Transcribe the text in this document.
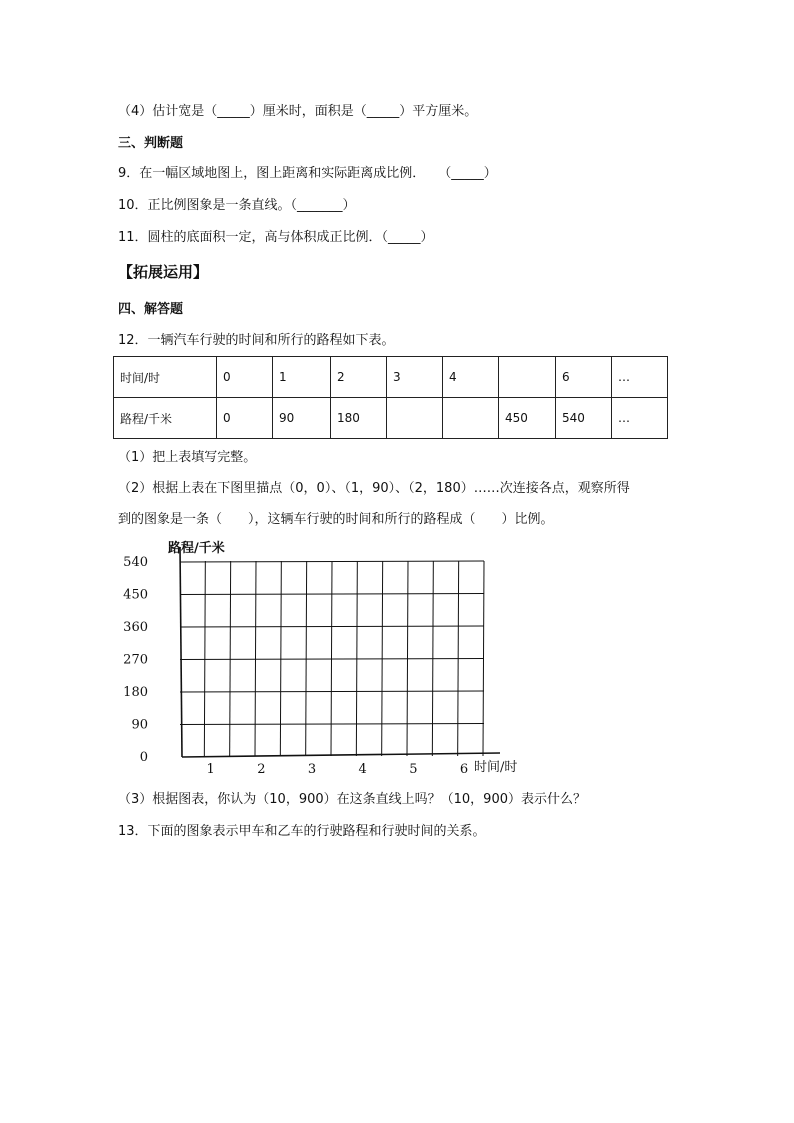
（4）估计宽是（_____）厘米时，面积是（_____）平方厘米。
三、判断题
9．在一幅区域地图上，图上距离和实际距离成比例．　　（_____）
10．正比例图象是一条直线。（_______）
11．圆柱的底面积一定，高与体积成正比例．（_____）
【拓展运用】
四、解答题
12．一辆汽车行驶的时间和所行的路程如下表。
时间/时	0	1	2	3	4		6	…
路程/千米	0	90	180			450	540	…
（1）把上表填写完整。
（2）根据上表在下图里描点（0，0）、（1，90）、（2，180）……次连接各点，观察所得
到的图象是一条（　　），这辆车行驶的时间和所行的路程成（　　）比例。
0
90
180
270
360
450
540
1	2	3	4	5	6
路程/千米
时间/时
（3）根据图表，你认为（10，900）在这条直线上吗？（10，900）表示什么？
13．下面的图象表示甲车和乙车的行驶路程和行驶时间的关系。
